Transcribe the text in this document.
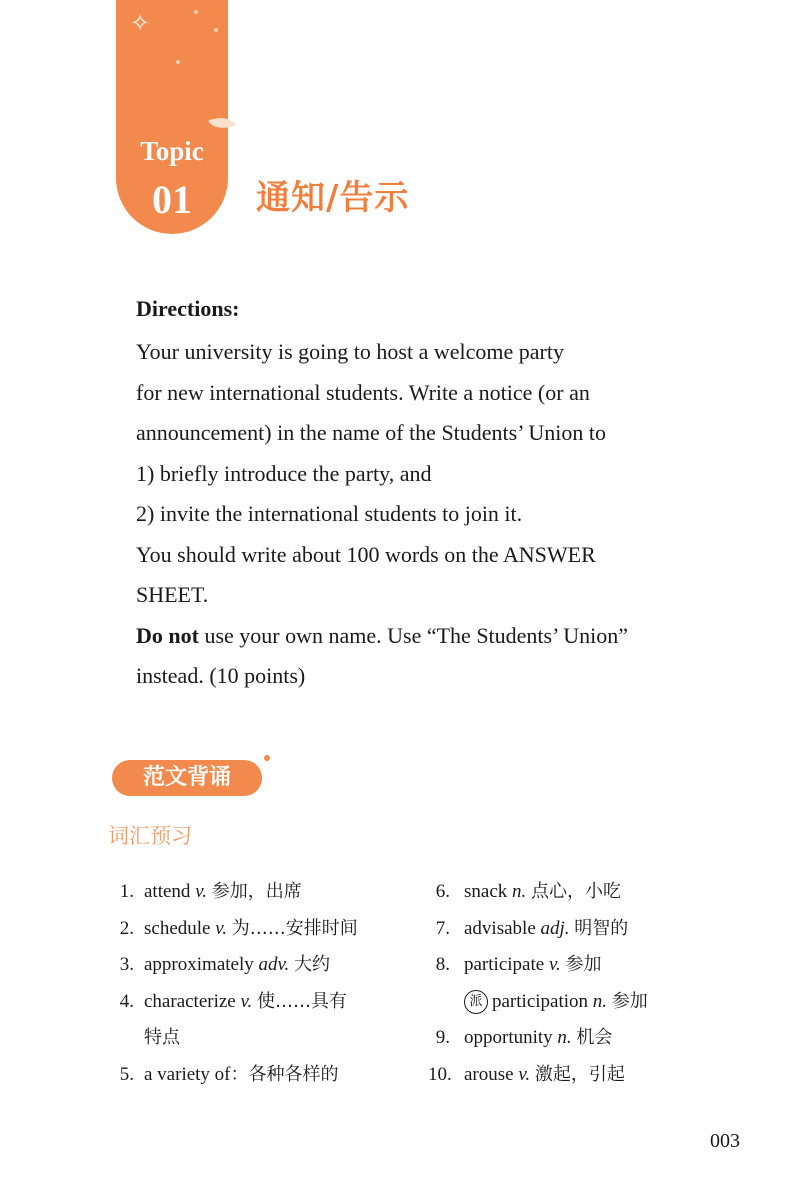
✧
Topic
01	通知/告示
Directions:
Your university is going to host a welcome party
for new international students. Write a notice (or an
announcement) in the name of the Students’ Union to
1) briefly introduce the party, and
2) invite the international students to join it.
You should write about 100 words on the ANSWER
SHEET.
Do not use your own name. Use “The Students’ Union”
instead. (10 points)
范文背诵
词汇预习
1. attend v. 参加，出席
2. schedule v. 为……安排时间
3. approximately adv. 大约
4. characterize v. 使……具有
特点
5. a variety of：各种各样的
6. snack n. 点心，小吃
7. advisable adj. 明智的
8. participate v. 参加
派 participation n. 参加
9. opportunity n. 机会
10. arouse v. 激起，引起
003
